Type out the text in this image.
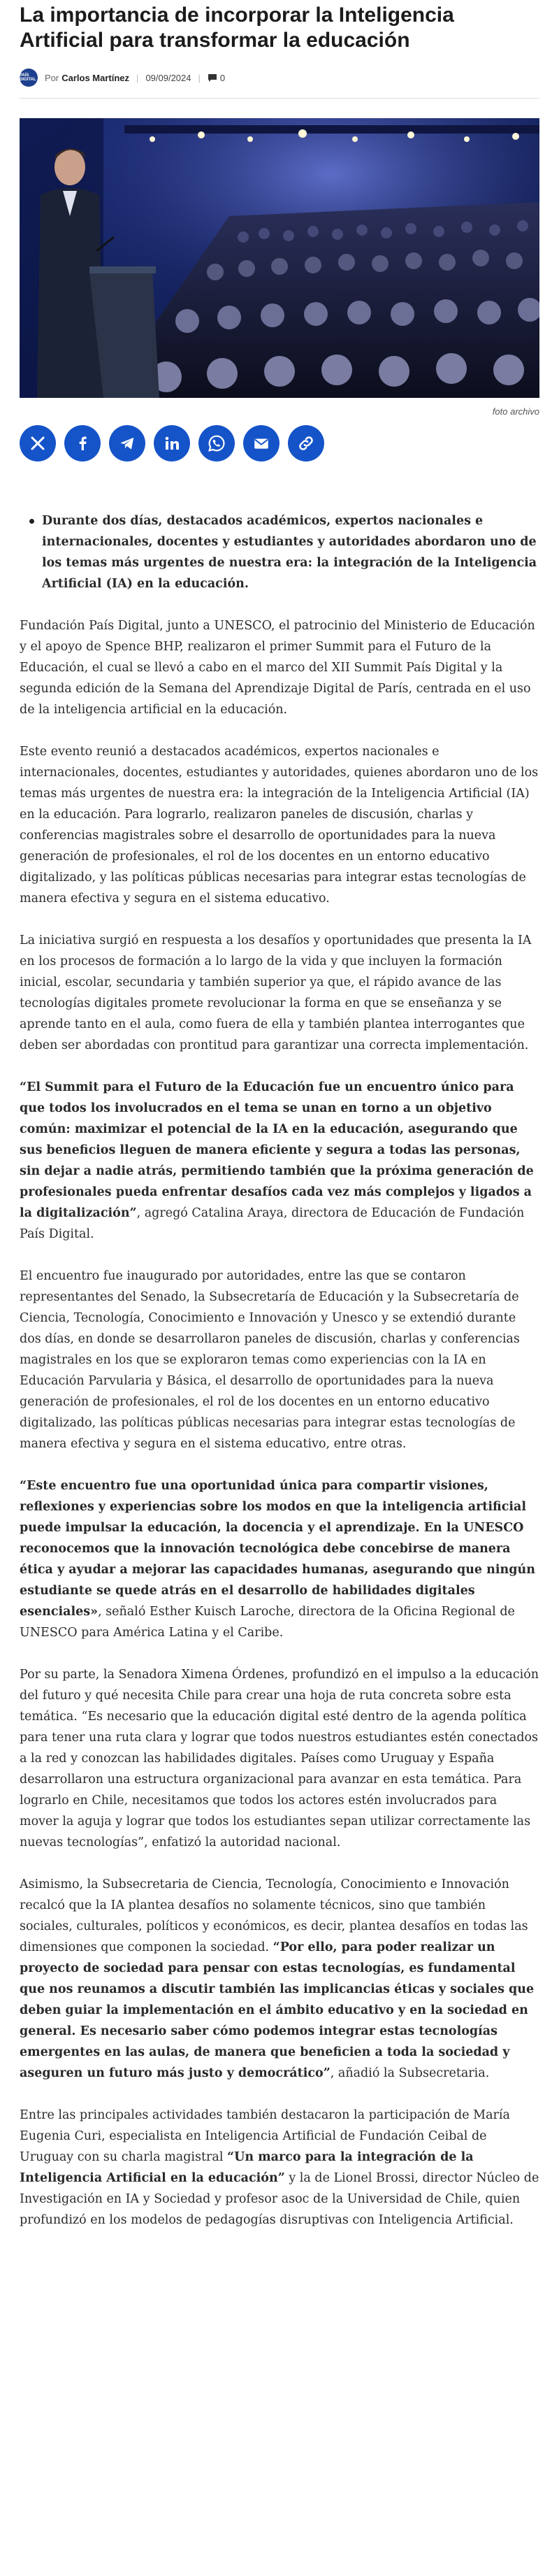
La importancia de incorporar la Inteligencia Artificial para transformar la educación
PAÍS DIGITAL Por Carlos Martínez | 09/09/2024 | 0
foto archivo
Durante dos días, destacados académicos, expertos nacionales e internacionales, docentes y estudiantes y autoridades abordaron uno de los temas más urgentes de nuestra era: la integración de la Inteligencia Artificial (IA) en la educación.

Fundación País Digital, junto a UNESCO, el patrocinio del Ministerio de Educación y el apoyo de Spence BHP, realizaron el primer Summit para el Futuro de la Educación, el cual se llevó a cabo en el marco del XII Summit País Digital y la segunda edición de la Semana del Aprendizaje Digital de París, centrada en el uso de la inteligencia artificial en la educación.

Este evento reunió a destacados académicos, expertos nacionales e internacionales, docentes, estudiantes y autoridades, quienes abordaron uno de los temas más urgentes de nuestra era: la integración de la Inteligencia Artificial (IA) en la educación. Para lograrlo, realizaron paneles de discusión, charlas y conferencias magistrales sobre el desarrollo de oportunidades para la nueva generación de profesionales, el rol de los docentes en un entorno educativo digitalizado, y las políticas públicas necesarias para integrar estas tecnologías de manera efectiva y segura en el sistema educativo.

La iniciativa surgió en respuesta a los desafíos y oportunidades que presenta la IA en los procesos de formación a lo largo de la vida y que incluyen la formación inicial, escolar, secundaria y también superior ya que, el rápido avance de las tecnologías digitales promete revolucionar la forma en que se enseñanza y se aprende tanto en el aula, como fuera de ella y también plantea interrogantes que deben ser abordadas con prontitud para garantizar una correcta implementación.

“El Summit para el Futuro de la Educación fue un encuentro único para que todos los involucrados en el tema se unan en torno a un objetivo común: maximizar el potencial de la IA en la educación, asegurando que sus beneficios lleguen de manera eficiente y segura a todas las personas, sin dejar a nadie atrás, permitiendo también que la próxima generación de profesionales pueda enfrentar desafíos cada vez más complejos y ligados a la digitalización”, agregó Catalina Araya, directora de Educación de Fundación País Digital.

El encuentro fue inaugurado por autoridades, entre las que se contaron representantes del Senado, la Subsecretaría de Educación y la Subsecretaría de Ciencia, Tecnología, Conocimiento e Innovación y Unesco y se extendió durante dos días, en donde se desarrollaron paneles de discusión, charlas y conferencias magistrales en los que se exploraron temas como experiencias con la IA en Educación Parvularia y Básica, el desarrollo de oportunidades para la nueva generación de profesionales, el rol de los docentes en un entorno educativo digitalizado, las políticas públicas necesarias para integrar estas tecnologías de manera efectiva y segura en el sistema educativo, entre otras.

“Este encuentro fue una oportunidad única para compartir visiones, reflexiones y experiencias sobre los modos en que la inteligencia artificial puede impulsar la educación, la docencia y el aprendizaje. En la UNESCO reconocemos que la innovación tecnológica debe concebirse de manera ética y ayudar a mejorar las capacidades humanas, asegurando que ningún estudiante se quede atrás en el desarrollo de habilidades digitales esenciales», señaló Esther Kuisch Laroche, directora de la Oficina Regional de UNESCO para América Latina y el Caribe.

Por su parte, la Senadora Ximena Órdenes, profundizó en el impulso a la educación del futuro y qué necesita Chile para crear una hoja de ruta concreta sobre esta temática. “Es necesario que la educación digital esté dentro de la agenda política para tener una ruta clara y lograr que todos nuestros estudiantes estén conectados a la red y conozcan las habilidades digitales. Países como Uruguay y España desarrollaron una estructura organizacional para avanzar en esta temática. Para lograrlo en Chile, necesitamos que todos los actores estén involucrados para mover la aguja y lograr que todos los estudiantes sepan utilizar correctamente las nuevas tecnologías”, enfatizó la autoridad nacional.

Asimismo, la Subsecretaria de Ciencia, Tecnología, Conocimiento e Innovación recalcó que la IA plantea desafíos no solamente técnicos, sino que también sociales, culturales, políticos y económicos, es decir, plantea desafíos en todas las dimensiones que componen la sociedad. “Por ello, para poder realizar un proyecto de sociedad para pensar con estas tecnologías, es fundamental que nos reunamos a discutir también las implicancias éticas y sociales que deben guiar la implementación en el ámbito educativo y en la sociedad en general. Es necesario saber cómo podemos integrar estas tecnologías emergentes en las aulas, de manera que beneficien a toda la sociedad y aseguren un futuro más justo y democrático”, añadió la Subsecretaria.

Entre las principales actividades también destacaron la participación de María Eugenia Curi, especialista en Inteligencia Artificial de Fundación Ceibal de Uruguay con su charla magistral “Un marco para la integración de la Inteligencia Artificial en la educación” y la de Lionel Brossi, director Núcleo de Investigación en IA y Sociedad y profesor asoc de la Universidad de Chile, quien profundizó en los modelos de pedagogías disruptivas con Inteligencia Artificial.
